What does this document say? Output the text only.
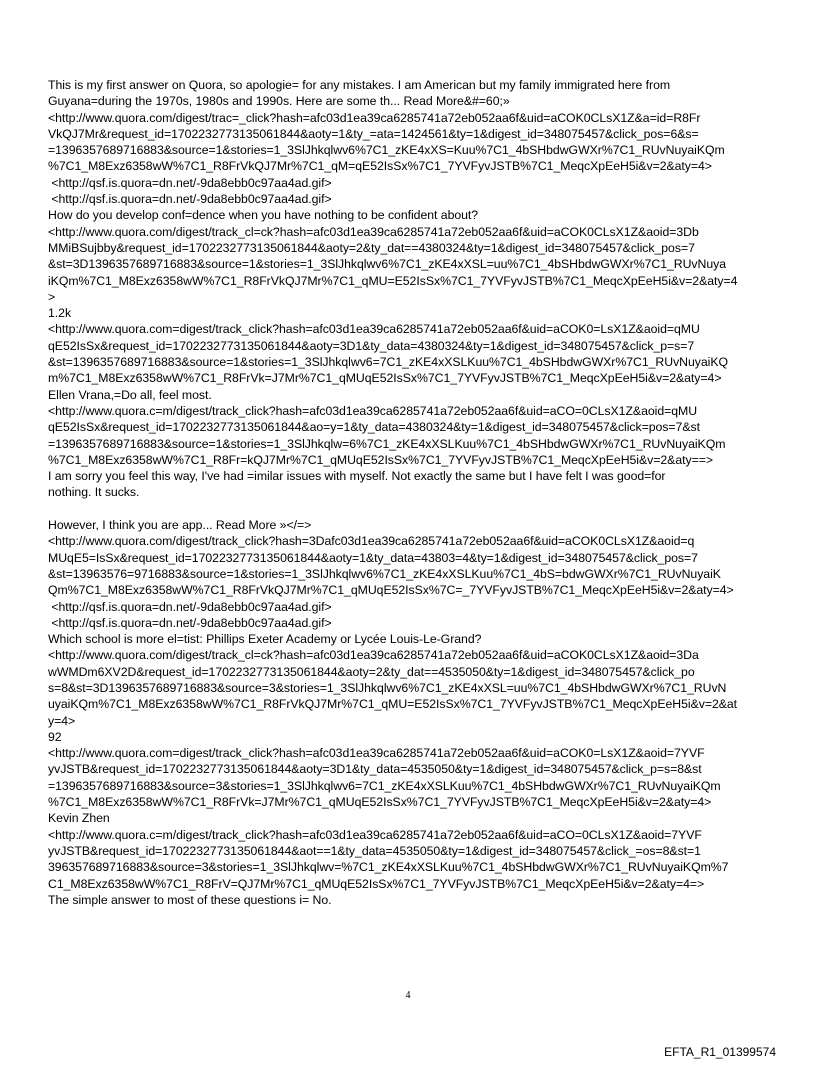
This is my first answer on Quora, so apologie= for any mistakes. I am American but my family immigrated here from
Guyana=during the 1970s, 1980s and 1990s. Here are some th... Read More&#=60;»
<http://www.quora.com/digest/trac=_click?hash=afc03d1ea39ca6285741a72eb052aa6f&uid=aCOK0CLsX1Z&a=id=R8Fr
VkQJ7Mr&request_id=1702232773135061844&aoty=1&ty_=ata=1424561&ty=1&digest_id=348075457&click_pos=6&s=
=1396357689716883&source=1&stories=1_3SlJhkqlwv6%7C1_zKE4xXS=Kuu%7C1_4bSHbdwGWXr%7C1_RUvNuyaiKQm
%7C1_M8Exz6358wW%7C1_R8FrVkQJ7Mr%7C1_qM=qE52IsSx%7C1_7YVFyvJSTB%7C1_MeqcXpEeH5i&v=2&aty=4>
<http://qsf.is.quora=dn.net/-9da8ebb0c97aa4ad.gif>
<http://qsf.is.quora=dn.net/-9da8ebb0c97aa4ad.gif>
How do you develop conf=dence when you have nothing to be confident about?
<http://www.quora.com/digest/track_cl=ck?hash=afc03d1ea39ca6285741a72eb052aa6f&uid=aCOK0CLsX1Z&aoid=3Db
MMiBSujbby&request_id=1702232773135061844&aoty=2&ty_dat==4380324&ty=1&digest_id=348075457&click_pos=7
&st=3D1396357689716883&source=1&stories=1_3SlJhkqlwv6%7C1_zKE4xXSL=uu%7C1_4bSHbdwGWXr%7C1_RUvNuya
iKQm%7C1_M8Exz6358wW%7C1_R8FrVkQJ7Mr%7C1_qMU=E52IsSx%7C1_7YVFyvJSTB%7C1_MeqcXpEeH5i&v=2&aty=4
>
1.2k
<http://www.quora.com=digest/track_click?hash=afc03d1ea39ca6285741a72eb052aa6f&uid=aCOK0=LsX1Z&aoid=qMU
qE52IsSx&request_id=1702232773135061844&aoty=3D1&ty_data=4380324&ty=1&digest_id=348075457&click_p=s=7
&st=1396357689716883&source=1&stories=1_3SlJhkqlwv6=7C1_zKE4xXSLKuu%7C1_4bSHbdwGWXr%7C1_RUvNuyaiKQ
m%7C1_M8Exz6358wW%7C1_R8FrVk=J7Mr%7C1_qMUqE52IsSx%7C1_7YVFyvJSTB%7C1_MeqcXpEeH5i&v=2&aty=4>
Ellen Vrana,=Do all, feel most.
<http://www.quora.c=m/digest/track_click?hash=afc03d1ea39ca6285741a72eb052aa6f&uid=aCO=0CLsX1Z&aoid=qMU
qE52IsSx&request_id=1702232773135061844&ao=y=1&ty_data=4380324&ty=1&digest_id=348075457&click=pos=7&st
=1396357689716883&source=1&stories=1_3SlJhkqlw=6%7C1_zKE4xXSLKuu%7C1_4bSHbdwGWXr%7C1_RUvNuyaiKQm
%7C1_M8Exz6358wW%7C1_R8Fr=kQJ7Mr%7C1_qMUqE52IsSx%7C1_7YVFyvJSTB%7C1_MeqcXpEeH5i&v=2&aty==>
I am sorry you feel this way, I've had =imilar issues with myself. Not exactly the same but I have felt I was good=for
nothing. It sucks.
However, I think you are app... Read More »</=>
<http://www.quora.com/digest/track_click?hash=3Dafc03d1ea39ca6285741a72eb052aa6f&uid=aCOK0CLsX1Z&aoid=q
MUqE5=IsSx&request_id=1702232773135061844&aoty=1&ty_data=43803=4&ty=1&digest_id=348075457&click_pos=7
&st=13963576=9716883&source=1&stories=1_3SlJhkqlwv6%7C1_zKE4xXSLKuu%7C1_4bS=bdwGWXr%7C1_RUvNuyaiK
Qm%7C1_M8Exz6358wW%7C1_R8FrVkQJ7Mr%7C1_qMUqE52IsSx%7C=_7YVFyvJSTB%7C1_MeqcXpEeH5i&v=2&aty=4>
<http://qsf.is.quora=dn.net/-9da8ebb0c97aa4ad.gif>
<http://qsf.is.quora=dn.net/-9da8ebb0c97aa4ad.gif>
Which school is more el=tist: Phillips Exeter Academy or Lycée Louis-Le-Grand?
<http://www.quora.com/digest/track_cl=ck?hash=afc03d1ea39ca6285741a72eb052aa6f&uid=aCOK0CLsX1Z&aoid=3Da
wWMDm6XV2D&request_id=1702232773135061844&aoty=2&ty_dat==4535050&ty=1&digest_id=348075457&click_po
s=8&st=3D1396357689716883&source=3&stories=1_3SlJhkqlwv6%7C1_zKE4xXSL=uu%7C1_4bSHbdwGWXr%7C1_RUvN
uyaiKQm%7C1_M8Exz6358wW%7C1_R8FrVkQJ7Mr%7C1_qMU=E52IsSx%7C1_7YVFyvJSTB%7C1_MeqcXpEeH5i&v=2&at
y=4>
92
<http://www.quora.com=digest/track_click?hash=afc03d1ea39ca6285741a72eb052aa6f&uid=aCOK0=LsX1Z&aoid=7YVF
yvJSTB&request_id=1702232773135061844&aoty=3D1&ty_data=4535050&ty=1&digest_id=348075457&click_p=s=8&st
=1396357689716883&source=3&stories=1_3SlJhkqlwv6=7C1_zKE4xXSLKuu%7C1_4bSHbdwGWXr%7C1_RUvNuyaiKQm
%7C1_M8Exz6358wW%7C1_R8FrVk=J7Mr%7C1_qMUqE52IsSx%7C1_7YVFyvJSTB%7C1_MeqcXpEeH5i&v=2&aty=4>
Kevin Zhen
<http://www.quora.c=m/digest/track_click?hash=afc03d1ea39ca6285741a72eb052aa6f&uid=aCO=0CLsX1Z&aoid=7YVF
yvJSTB&request_id=1702232773135061844&aot==1&ty_data=4535050&ty=1&digest_id=348075457&click_=os=8&st=1
396357689716883&source=3&stories=1_3SlJhkqlwv=%7C1_zKE4xXSLKuu%7C1_4bSHbdwGWXr%7C1_RUvNuyaiKQm%7
C1_M8Exz6358wW%7C1_R8FrV=QJ7Mr%7C1_qMUqE52IsSx%7C1_7YVFyvJSTB%7C1_MeqcXpEeH5i&v=2&aty=4=>
The simple answer to most of these questions i= No.
4
EFTA_R1_01399574
